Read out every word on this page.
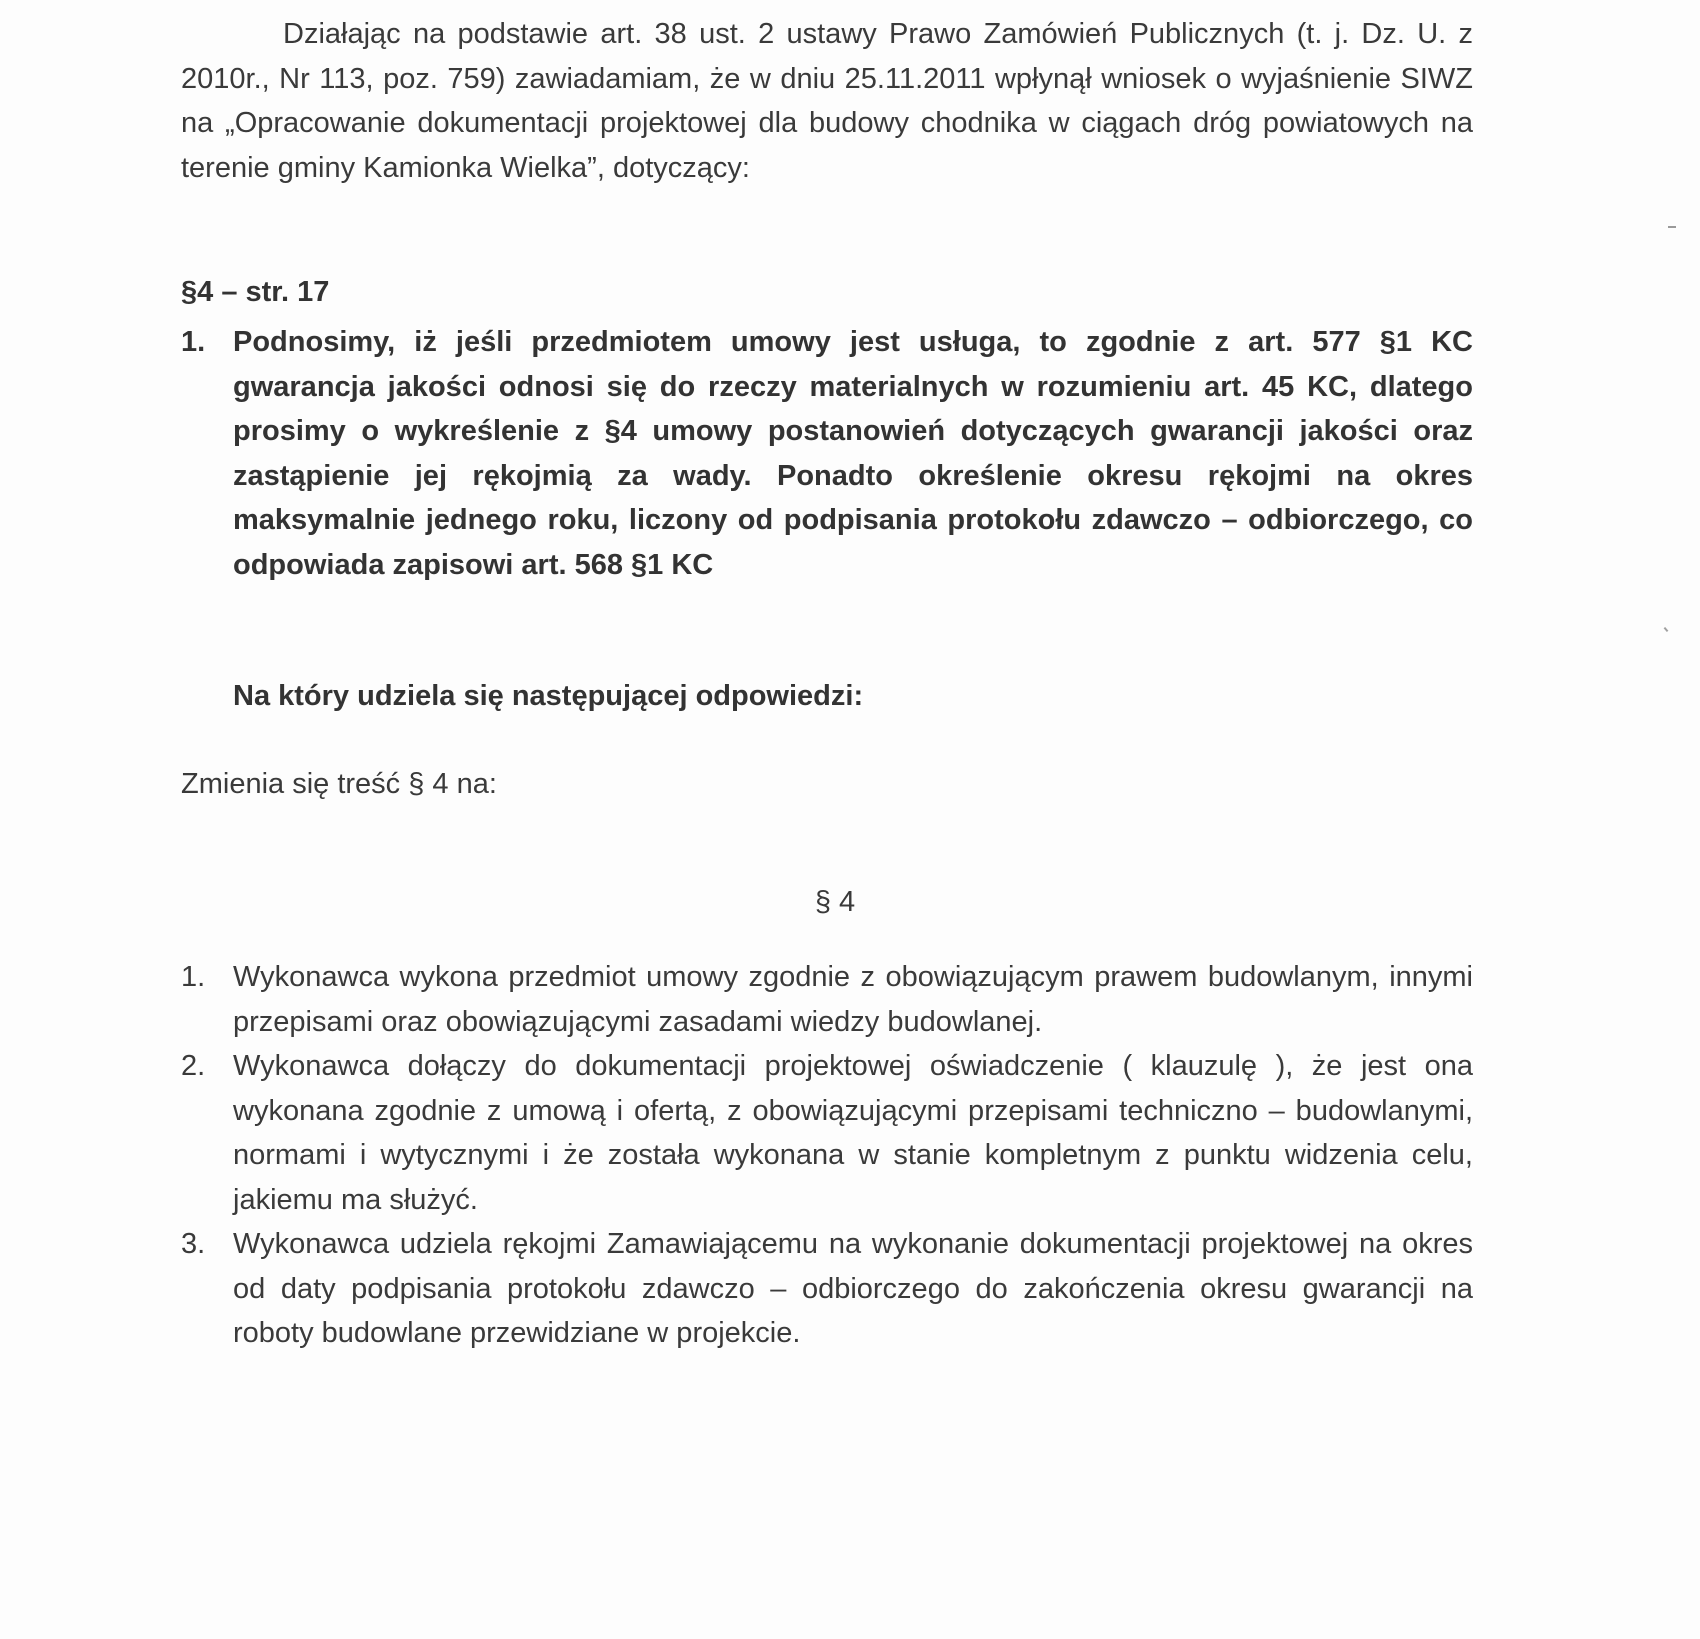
Działając na podstawie art. 38 ust. 2 ustawy Prawo Zamówień Publicznych (t. j. Dz. U. z 2010r., Nr 113, poz. 759) zawiadamiam, że w dniu 25.11.2011 wpłynął wniosek o wyjaśnienie SIWZ na „Opracowanie dokumentacji projektowej dla budowy chodnika w ciągach dróg powiatowych na terenie gminy Kamionka Wielka”, dotyczący:

§4 – str. 17
1. Podnosimy, iż jeśli przedmiotem umowy jest usługa, to zgodnie z art. 577 §1 KC gwarancja jakości odnosi się do rzeczy materialnych w rozumieniu art. 45 KC, dlatego prosimy o wykreślenie z §4 umowy postanowień dotyczących gwarancji jakości oraz zastąpienie jej rękojmią za wady. Ponadto określenie okresu rękojmi na okres maksymalnie jednego roku, liczony od podpisania protokołu zdawczo – odbiorczego, co odpowiada zapisowi art. 568 §1 KC
Na który udziela się następującej odpowiedzi:
Zmienia się treść § 4 na:
§ 4
1. Wykonawca wykona przedmiot umowy zgodnie z obowiązującym prawem budowlanym, innymi przepisami oraz obowiązującymi zasadami wiedzy budowlanej.
2. Wykonawca dołączy do dokumentacji projektowej oświadczenie ( klauzulę ), że jest ona wykonana zgodnie z umową i ofertą, z obowiązującymi przepisami techniczno – budowlanymi, normami i wytycznymi i że została wykonana w stanie kompletnym z punktu widzenia celu, jakiemu ma służyć.
3. Wykonawca udziela rękojmi Zamawiającemu na wykonanie dokumentacji projektowej na okres od daty podpisania protokołu zdawczo – odbiorczego do zakończenia okresu gwarancji na roboty budowlane przewidziane w projekcie.
